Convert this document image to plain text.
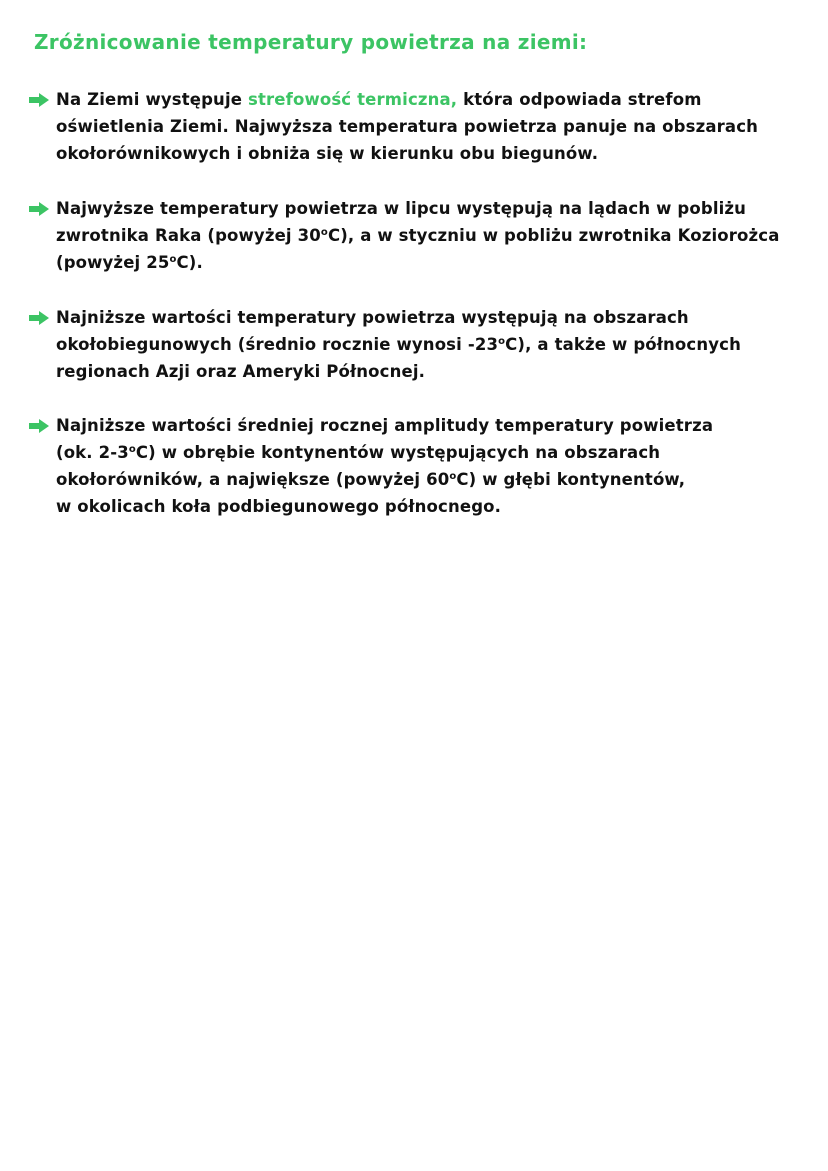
Zróżnicowanie temperatury powietrza na ziemi:
Na Ziemi występuje strefowość termiczna, która odpowiada strefom
oświetlenia Ziemi. Najwyższa temperatura powietrza panuje na obszarach
okołorównikowych i obniża się w kierunku obu biegunów.
Najwyższe temperatury powietrza w lipcu występują na lądach w pobliżu
zwrotnika Raka (powyżej 30$^o$C), a w styczniu w pobliżu zwrotnika Koziorożca
(powyżej 25$^o$C).
Najniższe wartości temperatury powietrza występują na obszarach
okołobiegunowych (średnio rocznie wynosi -23$^o$C), a także w północnych
regionach Azji oraz Ameryki Północnej.
Najniższe wartości średniej rocznej amplitudy temperatury powietrza
(ok. 2-3$^o$C) w obrębie kontynentów występujących na obszarach
okołorówników, a największe (powyżej 60$^o$C) w głębi kontynentów,
w okolicach koła podbiegunowego północnego.
